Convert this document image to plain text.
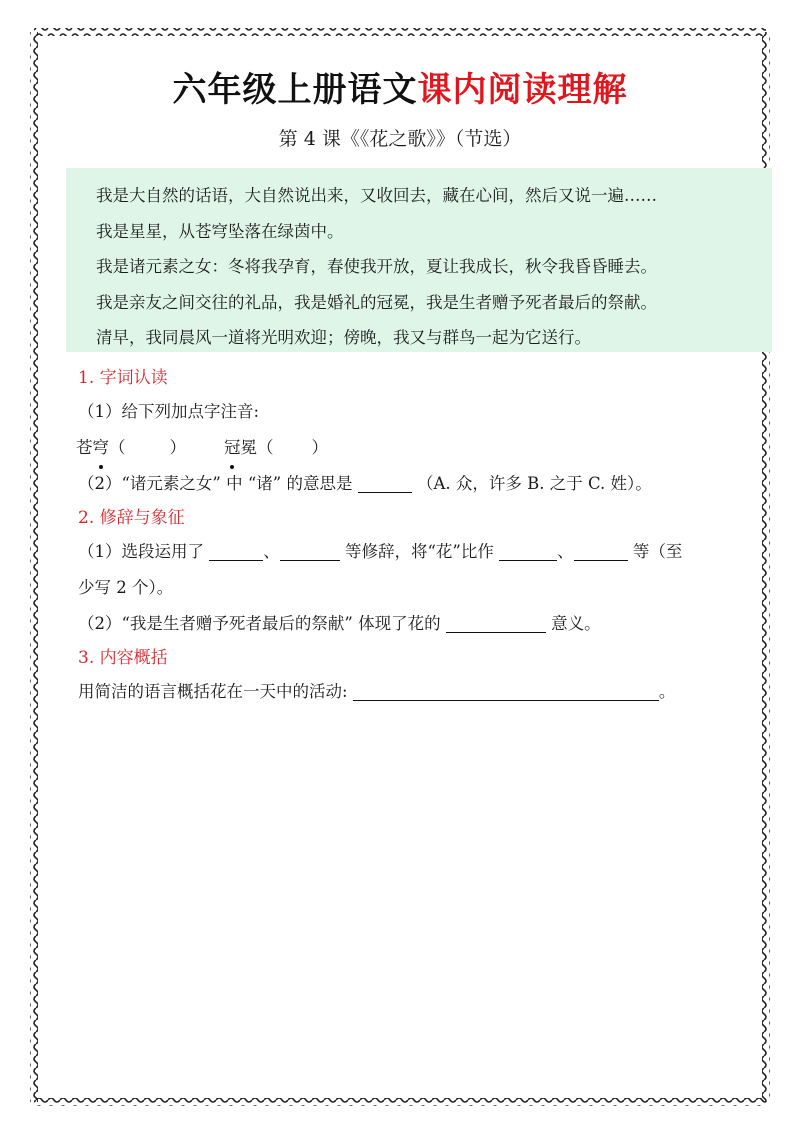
六年级上册语文课内阅读理解
第 4 课《《花之歌》》（节选）

我是大自然的话语，大自然说出来，又收回去，藏在心间，然后又说一遍……

我是星星，从苍穹坠落在绿茵中。

我是诸元素之女：冬将我孕育，春使我开放，夏让我成长，秋令我昏昏睡去。

我是亲友之间交往的礼品，我是婚礼的冠冕，我是生者赠予死者最后的祭献。

清早，我同晨风一道将光明欢迎；傍晚，我又与群鸟一起为它送行。

1. 字词认读
（1）给下列加点字注音:
苍穹（	） 冠冕（ ）
（2）“诸元素之女” 中 “诸” 的意思是	（A. 众，许多 B. 之于 C. 姓）。
2. 修辞与象征
（1）选段运用了	、	等修辞，将“花”比作	、	等（至
少写 2 个）。
（2）“我是生者赠予死者最后的祭献” 体现了花的	意义。
3. 内容概括
用简洁的语言概括花在一天中的活动:	。
